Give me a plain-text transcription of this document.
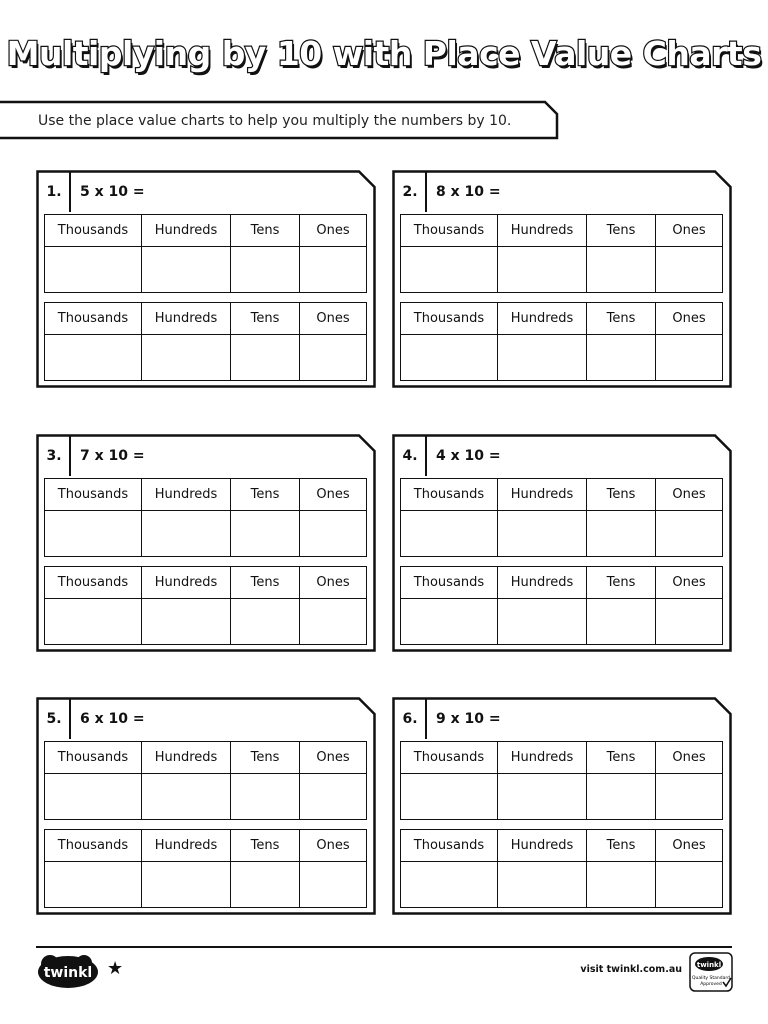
Multiplying by 10 with Place Value Charts
Use the place value charts to help you multiply the numbers by 10.
1.	5 x 10 =
Thousands	Hundreds	Tens	Ones

Thousands	Hundreds	Tens	Ones

2.	8 x 10 =
Thousands	Hundreds	Tens	Ones

Thousands	Hundreds	Tens	Ones

3.	7 x 10 =
Thousands	Hundreds	Tens	Ones

Thousands	Hundreds	Tens	Ones

4.	4 x 10 =
Thousands	Hundreds	Tens	Ones

Thousands	Hundreds	Tens	Ones

5.	6 x 10 =
Thousands	Hundreds	Tens	Ones

Thousands	Hundreds	Tens	Ones

6.	9 x 10 =
Thousands	Hundreds	Tens	Ones

Thousands	Hundreds	Tens	Ones

twinkl ★	visit twinkl.com.au twinkl
Quality Standard
Approved
